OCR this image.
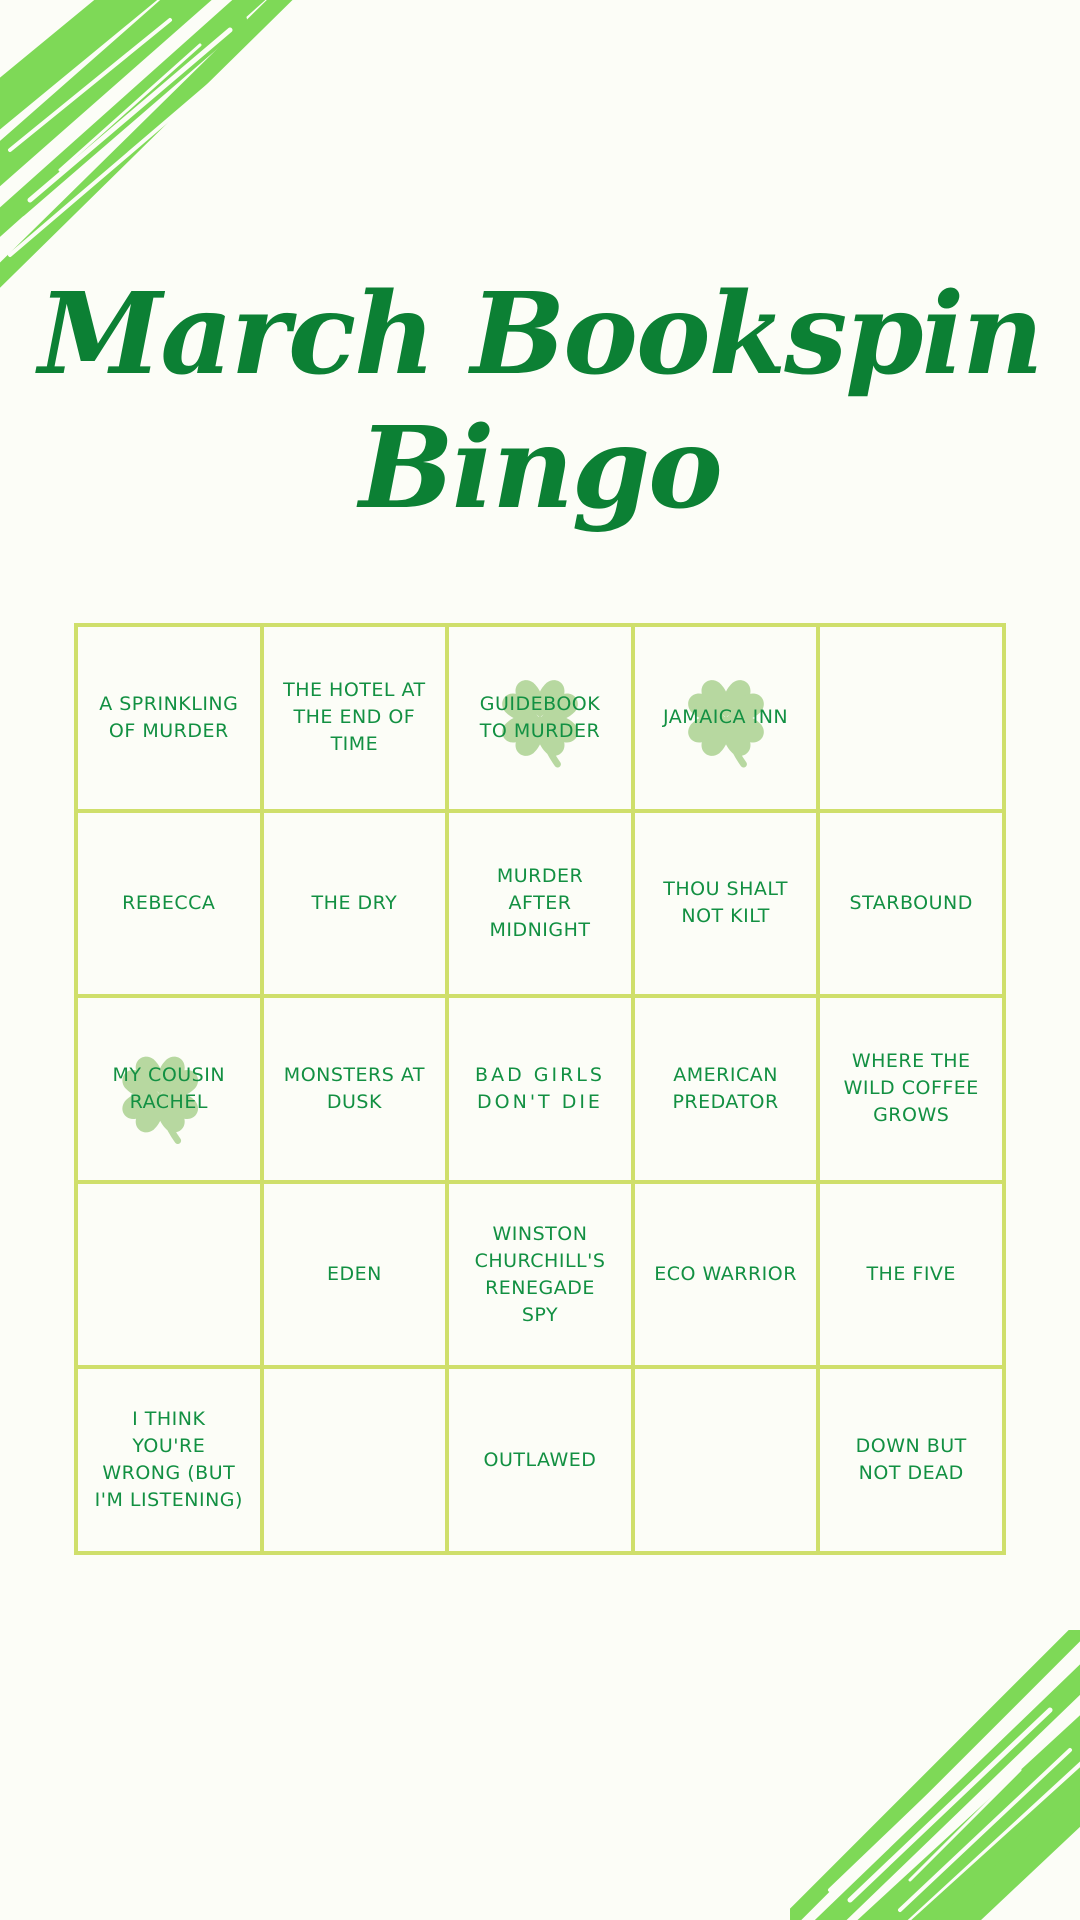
March Bookspin
Bingo
A SPRINKLING OF MURDER
THE HOTEL AT THE END OF TIME
GUIDEBOOK TO MURDER
JAMAICA INN
REBECCA	THE DRY
MURDER AFTER MIDNIGHT
THOU SHALT NOT KILT
STARBOUND
MY COUSIN RACHEL
MONSTERS AT DUSK
BAD GIRLS DON'T DIE
AMERICAN PREDATOR
WHERE THE WILD COFFEE GROWS
EDEN
WINSTON CHURCHILL'S RENEGADE SPY
ECO WARRIOR	THE FIVE
I THINK YOU'RE WRONG (BUT I'M LISTENING)
OUTLAWED
DOWN BUT NOT DEAD
